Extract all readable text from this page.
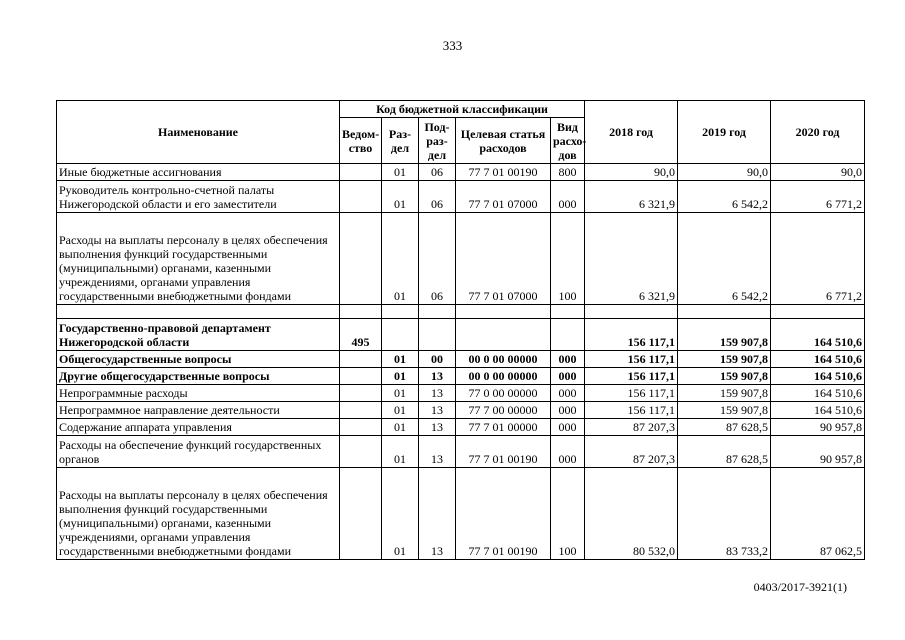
333
Наименование	Код бюджетной классификации					2018 год	2019 год	2020 год
	Ведом-ство	Раз-дел	Под-раз-дел	Целевая статья расходов	Вид расхо-дов			
Иные бюджетные ассигнования		01	06	77 7 01 00190	800	90,0	90,0	90,0
Руководитель контрольно-счетной палаты Нижегородской области и его заместители		01	06	77 7 01 07000	000	6 321,9	6 542,2	6 771,2
Расходы на выплаты персоналу в целях обеспечения выполнения функций государственными (муниципальными) органами, казенными учреждениями, органами управления государственными внебюджетными фондами		01	06	77 7 01 07000	100	6 321,9	6 542,2	6 771,2

Государственно-правовой департамент Нижегородской области	495					156 117,1	159 907,8	164 510,6
Общегосударственные вопросы		01	00	00 0 00 00000	000	156 117,1	159 907,8	164 510,6
Другие общегосударственные вопросы		01	13	00 0 00 00000	000	156 117,1	159 907,8	164 510,6
Непрограммные расходы		01	13	77 0 00 00000	000	156 117,1	159 907,8	164 510,6
Непрограммное направление деятельности		01	13	77 7 00 00000	000	156 117,1	159 907,8	164 510,6
Содержание аппарата управления		01	13	77 7 01 00000	000	87 207,3	87 628,5	90 957,8
Расходы на обеспечение функций государственных органов		01	13	77 7 01 00190	000	87 207,3	87 628,5	90 957,8
Расходы на выплаты персоналу в целях обеспечения выполнения функций государственными (муниципальными) органами, казенными учреждениями, органами управления государственными внебюджетными фондами		01	13	77 7 01 00190	100	80 532,0	83 733,2	87 062,5
0403/2017-3921(1)
